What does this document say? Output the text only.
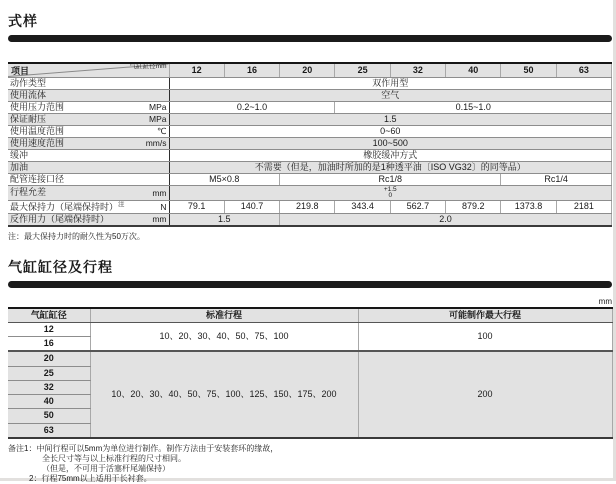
式样
气缸缸径mm
项目	12	16	20	25	32	40	50	63

动作类型	双作用型							

使用流体	空气							

使用压力范围 MPa	0.2~1.0			0.15~1.0				

保证耐压 MPa	1.5							

使用温度范围 ℃	0~60							

使用速度范围 mm/s	100~500							

缓冲	橡胶缓冲方式							

加油	不需要（但是，加油时所加的是1种透平油〔ISO VG32〕的同等品）							

配管连接口径	M5×0.8		Rc1/8				Rc1/4	

行程允差 mm	+1.5
0							

最大保持力（尾端保持时）$^注$ N	79.1	140.7	219.8	343.4	562.7	879.2	1373.8	2181

反作用力（尾端保持时） mm	1.5		2.0					
注：最大保持力时的耐久性为50万次。
气缸缸径及行程
mm
气缸缸径	标准行程	可能制作最大行程
12	10、20、30、40、50、75、100	100
16		
20	10、20、30、40、50、75、100、125、150、175、200	200
25		
32		
40		
50		
63		
备注1： 中间行程可以5mm为单位进行制作。制作方法由于安装套环的缘故，
全长尺寸等与以上标准行程的尺寸相同。
（但是，不可用于活塞杆尾端保持）
2： 行程75mm以上适用于长衬套。
